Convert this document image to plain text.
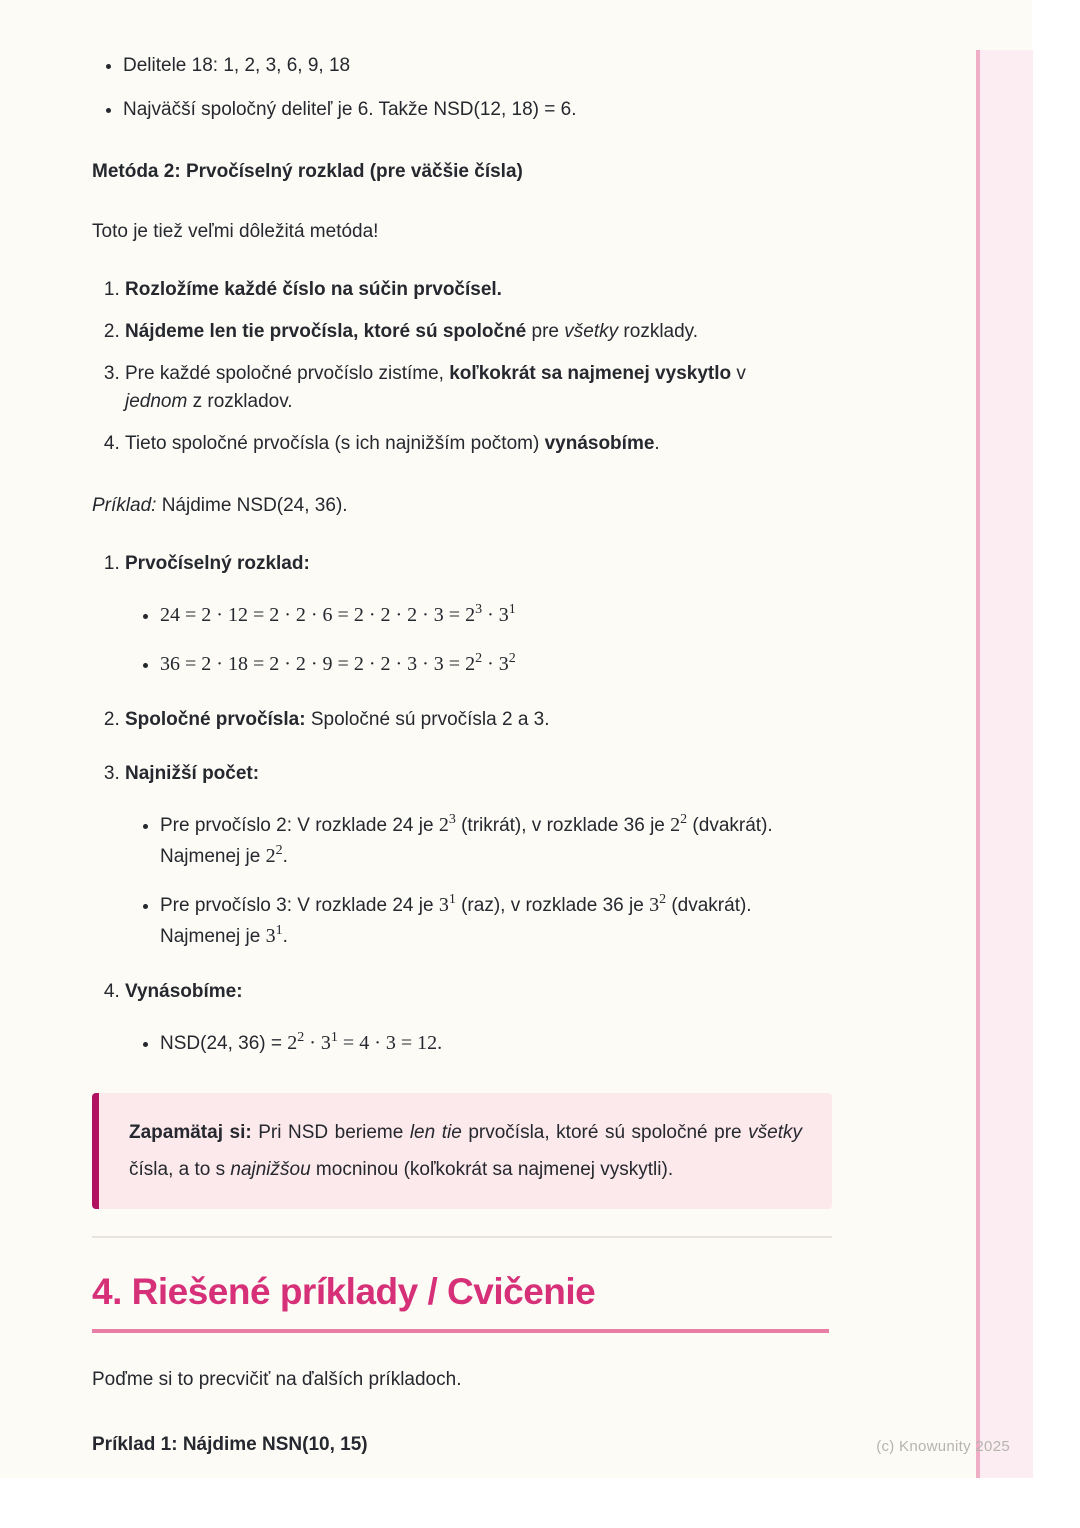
(c) Knowunity 2025
• Delitele 18: 1, 2, 3, 6, 9, 18
• Najväčší spoločný deliteľ je 6. Takže NSD(12, 18) = 6.

Metóda 2: Prvočíselný rozklad (pre väčšie čísla)

Toto je tiež veľmi dôležitá metóda!

1. Rozložíme každé číslo na súčin prvočísel.
2. Nájdeme len tie prvočísla, ktoré sú spoločné pre všetky rozklady.
3. Pre každé spoločné prvočíslo zistíme, koľkokrát sa najmenej vyskytlo v
jednom z rozkladov.
4. Tieto spoločné prvočísla (s ich najnižším počtom) vynásobíme.

Príklad: Nájdime NSD(24, 36).

1. Prvočíselný rozklad:
• $24 = 2 \cdot 12 = 2 \cdot 2 \cdot 6 = 2 \cdot 2 \cdot 2 \cdot 3 = 2^3 \cdot 3^1$
• $36 = 2 \cdot 18 = 2 \cdot 2 \cdot 9 = 2 \cdot 2 \cdot 3 \cdot 3 = 2^2 \cdot 3^2$
2. Spoločné prvočísla: Spoločné sú prvočísla 2 a 3.
3. Najnižší počet:
• Pre prvočíslo 2: V rozklade 24 je $2^3$ (trikrát), v rozklade 36 je $2^2$ (dvakrát). Najmenej je $2^2$.
• Pre prvočíslo 3: V rozklade 24 je $3^1$ (raz), v rozklade 36 je $3^2$ (dvakrát). Najmenej je $3^1$.
4. Vynásobíme:
• NSD(24, $36) = 2^2 \cdot 3^1 = 4 \cdot 3 = 12$.

Zapamätaj si: Pri NSD berieme len tie prvočísla, ktoré sú spoločné pre všetky čísla, a to s najnižšou mocninou (koľkokrát sa najmenej vyskytli).

4. Riešené príklady / Cvičenie

Poďme si to precvičiť na ďalších príkladoch.

Príklad 1: Nájdime NSN(10, 15)
